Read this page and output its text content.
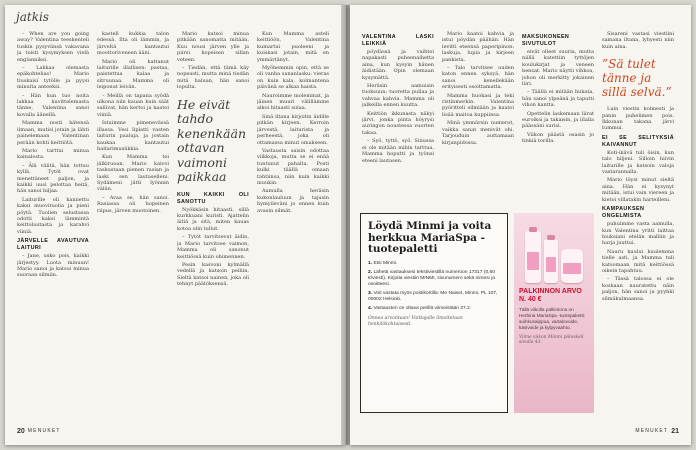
jatkis

– When are you going away? Valentina teeskenteli tuskin pysyvänsä vakavana ja toisti kysymyksen vielä englanniksi.

– Lakkaa olemasta epäkohtelias! Mario tiuskaisi tytölle ja pyysi minulta anteeksi.

– Hän kun tuo noita lakkaa kuvittelemasta tänne, Valentina sanoi kovalla äänellä.

Mamma nosti kätensä ilmaan, mutisi jotain ja lähti painelemaan Valentinan perään kohti keittiötä.

Mario tarttui minua kainalosta.

– Älä välitä, hän tottuu kyllä. Tytöt ovat menettäneet paljon, ja kaikki uusi pelottaa heitä, hän sanoi hiljaa.

Laiturille oli kannettu kaksi muovituolia ja pieni pöytä. Tuolien selustassa odotti kaksi lämmintä keittolautasta ja karahvi viiniä.

JÄRVELLE AVAUTUVA LAITURI

– Jane, usko pois, kaikki järjestyy. Luota minuun! Mario sanoi ja katsoi minua suoraan silmiin.

kasteli kukkia talon edessä. Ilta oli lämmin, ja järveltä kantautui moottoriveneen ääni.

Mario oli kattanut laiturille illallisen: pastaa, paistettua kalaa ja sitruunaa. Mamma oli leiponut leivän.

– Meillä on tapana syödä ulkona niin kauan kuin säät sallivat, hän kertoi ja kaatoi viiniä.

Istuimme pimenevässä illassa. Vesi liplatti vasten laiturin paaluja, ja jostain kaukaa kantautui haitarimusiikkia.

Kun Mamma toi jälkiruoan, Mario kaivoi taskustaan pienen rasian ja laski sen lautaselleni. Sydämeni jätti lyönnin väliin.

– Avaa se, hän sanoi. Rasiassa oli hopeinen riipus, järven muotoinen.

Mario katsoi minua pitkään sanomatta mitään. Kuu nousi järven ylle ja piirsi hopeisen sillan veteen.

– Tiedän, että tämä käy nopeasti, mutta minä tiedän mitä haluan, hän sanoi lopulta.

He eivät tahdo kenenkään ottavan vaimoni paikkaa
KUN KAIKKI OLI SANOTTU

Nyökkäsin hitaasti, sillä kurkkuani kuristi. Ajattelin äitiä ja sitä, miten kauas kotoa olin tullut.

– Tytöt tarvitsevat äidin, ja Mario tarvitsee vaimon, Mamma oli sanonut keittiössä kuin ohimennen.

Pesin kasvoni kylmällä vedellä ja katsoin peiliin. Sieltä katsoi nainen, joka oli tehnyt päätöksensä.

Kun Mamma asteli keittiöön, Valentina kumartui puoleeni ja kuiskasi jotain, mitä en ymmärtänyt.

Myöhemmin opin, että se oli vanha sananlasku: vieras on kuin kala, kolmantena päivänä se alkaa haista.

Nauroimme molemmat, ja jäinen muuri välillämme alkoi hitaasti sulaa.

Sinä iltana kirjoitin äidille pitkän kirjeen. Kerroin järvestä, laiturista ja perheestä, joka oli ottamassa minut omakseen.

Vastausta saisin odottaa viikkoja, mutta se ei enää tuntunut pahalta. Posti kulki täällä omaan tahtiinsa, niin kuin kaikki muukin.

Aamulla heräsin kukonlauluun ja tajusin hymyileväni jo ennen kuin avasin silmät.

20 MENUKET
VALENTINA LASKI LEIKKIÄ

pöydässä ja vaihtoi napakasti puheenaihetta aina, kun kysyin hänen äidistään. Opin olemaan kysymättä.

Heräsin aamuisin tuoksuun: tuoretta pullaa ja vahvaa kahvia. Mamma oli jalkeilla ennen kuutta.

Keittiön ikkunasta näkyi järvi, jonka pinta höyrysi auringon noustessa vuorten takaa.

– Syö, tyttö, syö. Sinussa ei ole mitään mihin tarttua, Mamma hoputti ja työnsi eteeni lautasen.

Mario kaatoi kahvia ja istui pöydän päähän. Hän levitti eteensä paperipinon: laskuja, lupia ja kirjeen pankista.

– Talo tarvitsee uuden katon ennen syksyä, hän sanoi kenellekään erityisesti osoittamatta.

Mamma huokasi ja teki ristinmerkin. Valentina pyöritteli silmiään ja kaatoi lisää maitoa kuppiinsa.

Minä ymmärsin numerot, vaikka sanat menivät ohi. Tarjouduin auttamaan kirjanpidossa.

MAKSUKONEEN SIVUTULOT

eivät olleet suuria, mutta niillä katettiin tyttöjen koulukirjat ja veneen bensat. Mario näytti vihkoa, johon oli merkitty jokainen liiri.

– Täällä ei mitään hukata, hän sanoi ylpeänä ja taputti vihon kantta.

Opettelin laskemaan liirat euroiksi ja takaisin, ja illalla päässäni surisi.

Viikon päästä osasin jo tinkiä torilla.

Sisareni vastasi viestiini samana iltana, lyhyesti niin kuin aina.

”Sä tulet tänne ja sillä selvä.”

Luin viestin kolmesti ja panin puhelimen pois. Ikkunan takana järvi tummui.

EI SE SELITYKSIÄ KAIVANNUT

Koti-ikävä tuli öisin, kun talo hiljeni. Silloin hiivin laiturille ja katsoin valoja vastarannalla.

Mario löysi minut sieltä aina. Hän ei kysynyt mitään, istui vain viereen ja kietoi villatakin harteilleni.

KAMPAUKSEN ONGELMISTA

puhuimme vasta aamulla, kun Valentina yritti laittaa hiuksiani etelän malliin ja harja juuttui.

Nauru kuului kuulemma tielle asti, ja Mamma tuli katsomaan mitä keittiössä oikein tapahtuu.

– Tässä talossa ei ole koskaan nauratettu näin paljon, hän sanoi ja pyyhki silmäkulmaansa.

Löydä Minmi ja voita herkkua MariaSpa -tuotepaletti
1. Etsi Minmi.
2. Lähetä vastauksesi tekstiviestillä numeroon 17317 (0,60 €/viesti). Kirjoita viestiin MINMI, sivunumero sekä nimesi ja osoitteesi.
3. Voit vastata myös postikortilla: Me Naiset, Minmi, PL 107, 00002 Helsinki.
4. Vastausten on oltava perillä viimeistään 27.2.
Onnea arvontaan! Voittajalle ilmoitetaan henkilökohtaisesti.
PALKINNON ARVO N. 40 €
Tällä viikolla palkintona on Herbina MariaSpa -tuotepaketti: suihkusaippua, vartalovoide, käsivoide ja kylpyvaahto.
Viime viikon Minmi piileskeli sivulla 43.
MENUKET 21
